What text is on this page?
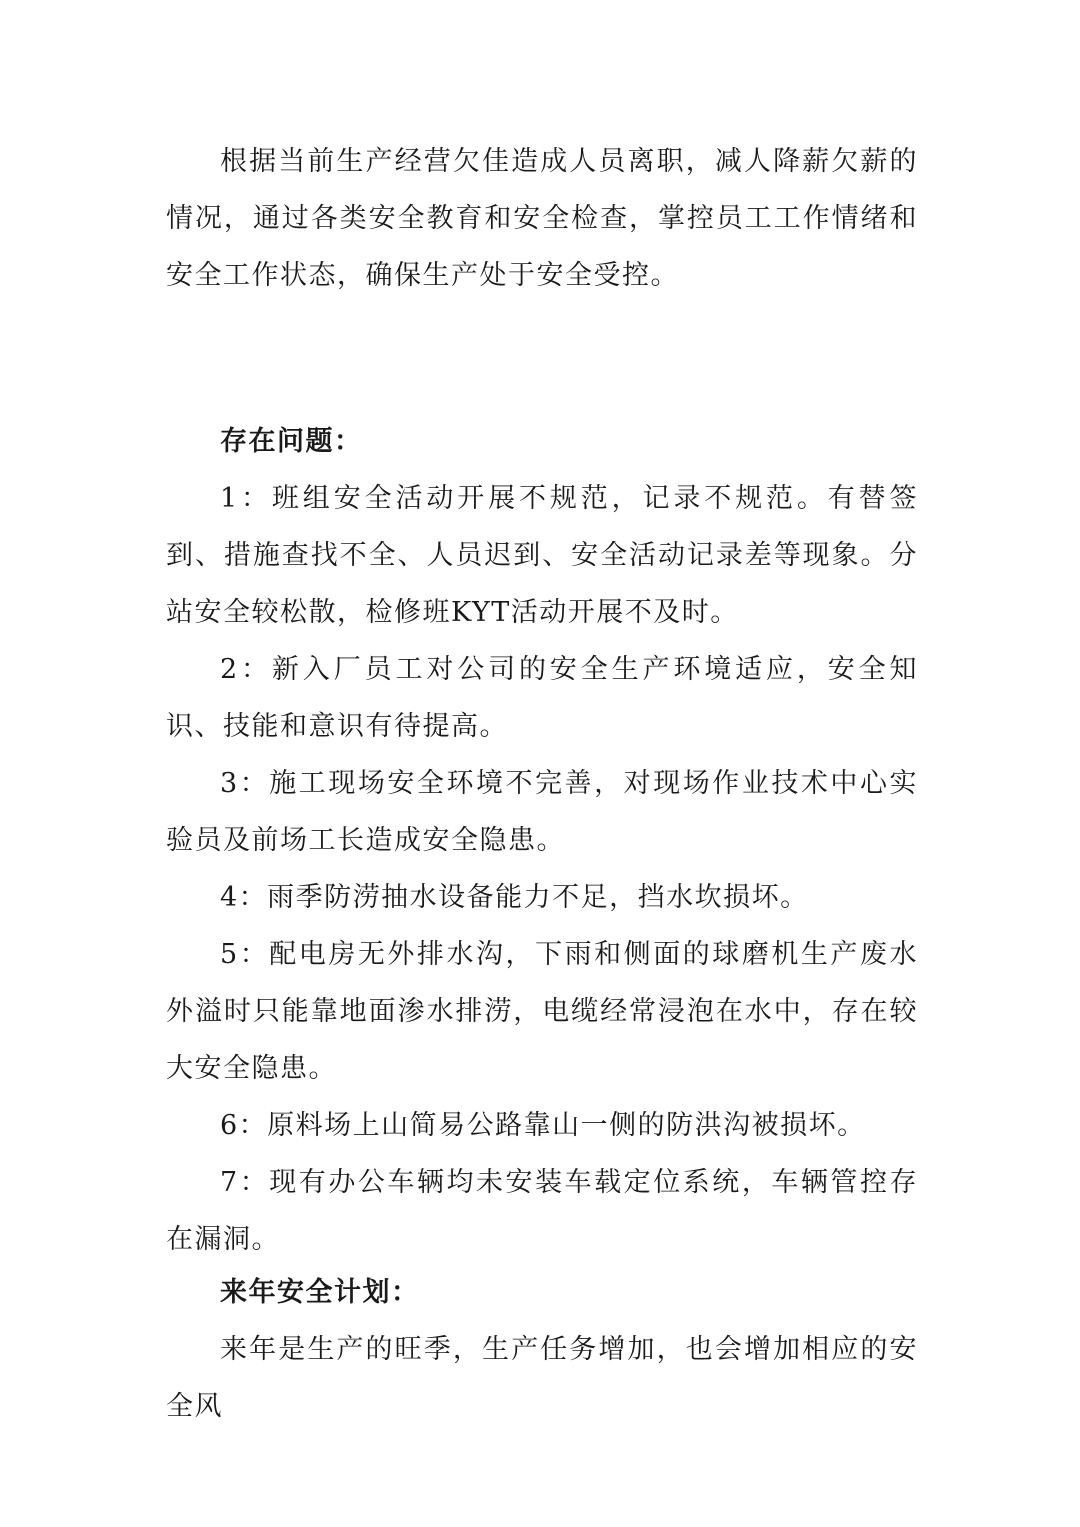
根据当前生产经营欠佳造成人员离职，减人降薪欠薪的情况，通过各类安全教育和安全检查，掌控员工工作情绪和安全工作状态，确保生产处于安全受控。

存在问题：

1：班组安全活动开展不规范，记录不规范。有替签到、措施查找不全、人员迟到、安全活动记录差等现象。分站安全较松散，检修班KYT活动开展不及时。

2：新入厂员工对公司的安全生产环境适应，安全知识、技能和意识有待提高。

3：施工现场安全环境不完善，对现场作业技术中心实验员及前场工长造成安全隐患。

4：雨季防涝抽水设备能力不足，挡水坎损坏。

5：配电房无外排水沟，下雨和侧面的球磨机生产废水外溢时只能靠地面渗水排涝，电缆经常浸泡在水中，存在较大安全隐患。

6：原料场上山简易公路靠山一侧的防洪沟被损坏。

7：现有办公车辆均未安装车载定位系统，车辆管控存在漏洞。

来年安全计划：

来年是生产的旺季，生产任务增加，也会增加相应的安全风
